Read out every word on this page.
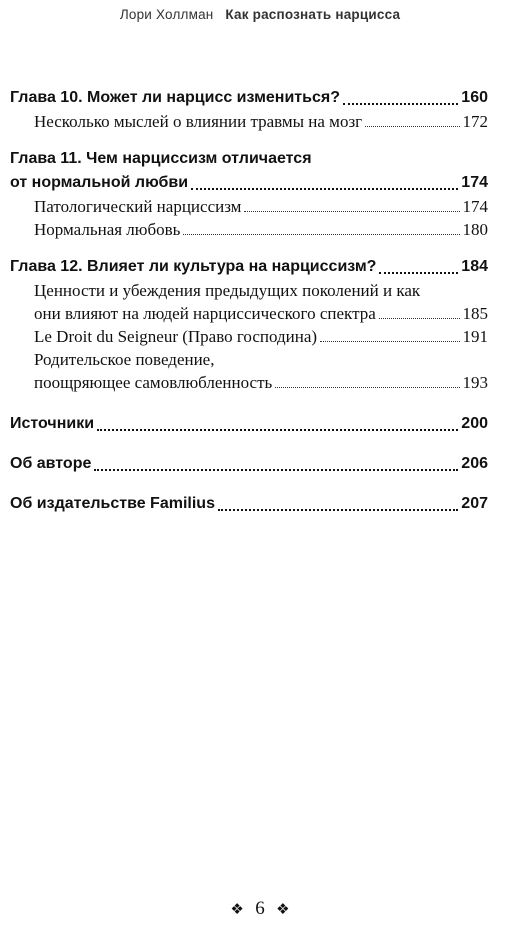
Лори Холлман Как распознать нарцисса
Глава 10. Может ли нарцисс измениться?	160
Несколько мыслей о влиянии травмы на мозг	172
Глава 11. Чем нарциссизм отличается
от нормальной любви	174
Патологический нарциссизм	174
Нормальная любовь	180
Глава 12. Влияет ли культура на нарциссизм?	184
Ценности и убеждения предыдущих поколений и как
они влияют на людей нарциссического спектра	185
Le Droit du Seigneur (Право господина)	191
Родительское поведение,
поощряющее самовлюбленность	193
Источники	200
Об авторе	206
Об издательстве Familius	207
❖ 6 ❖
